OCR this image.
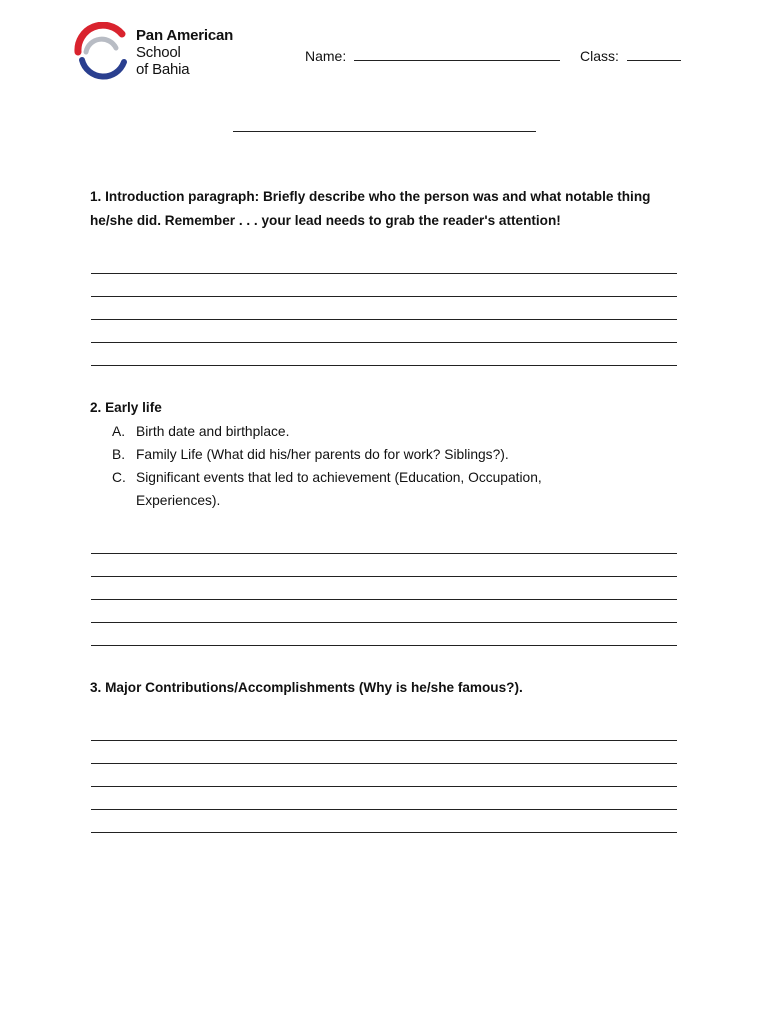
Pan American
School
of Bahia
Name:	Class:
1. Introduction paragraph: Briefly describe who the person was and what notable thing he/she did. Remember . . . your lead needs to grab the reader's attention!
2. Early life
A. Birth date and birthplace.
B. Family Life (What did his/her parents do for work? Siblings?).
C. Significant events that led to achievement (Education, Occupation, Experiences).
3. Major Contributions/Accomplishments (Why is he/she famous?).
